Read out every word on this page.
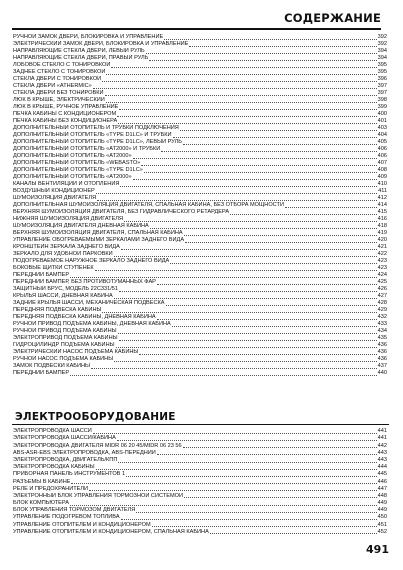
СОДЕРЖАНИЕ
РУЧНОЙ ЗАМОК ДВЕРИ, БЛОКИРОВКА И УПРАВЛЕНИЕ	392
ЭЛЕКТРИЧЕСКИЙ ЗАМОК ДВЕРИ, БЛОКИРОВКА И УПРАВЛЕНИЕ	392
НАПРАВЛЯЮЩИЕ СТЕКЛА ДВЕРИ, ЛЕВЫЙ РУЛЬ	394
НАПРАВЛЯЮЩИЕ СТЕКЛА ДВЕРИ, ПРАВЫЙ РУЛЬ	394
ЛОБОВОЕ СТЕКЛО С ТОНИРОВКОЙ	395
ЗАДНЕЕ СТЕКЛО С ТОНИРОВКОЙ	395
СТЕКЛА ДВЕРИ С ТОНИРОВКОЙ	396
СТЕКЛА ДВЕРИ «ATHERMIC»	397
СТЕКЛА ДВЕРИ БЕЗ ТОНИРОВКИ	397
ЛЮК В КРЫШЕ, ЭЛЕКТРИЧЕСКИЙ	398
ЛЮК В КРЫШЕ, РУЧНОЕ УПРАВЛЕНИЕ	399
ПЕЧКА КАБИНЫ С КОНДИЦИОНЕРОМ	400
ПЕЧКА КАБИНЫ БЕЗ КОНДИЦИОНЕРА	401
ДОПОЛНИТЕЛЬНЫЙ ОТОПИТЕЛЬ И ТРУБКИ ПОДКЛЮЧЕНИЯ	403
ДОПОЛНИТЕЛЬНЫЙ ОТОПИТЕЛЬ «TYPE D1LC» И ТРУБКИ	404
ДОПОЛНИТЕЛЬНЫЙ ОТОПИТЕЛЬ «TYPE D1LC», ЛЕВЫЙ РУЛЬ	405
ДОПОЛНИТЕЛЬНЫЙ ОТОПИТЕЛЬ «AT2000» И ТРУБКИ	406
ДОПОЛНИТЕЛЬНЫЙ ОТОПИТЕЛЬ «AT2000»	406
ДОПОЛНИТЕЛЬНЫЙ ОТОПИТЕЛЬ «WEBASTO»	407
ДОПОЛНИТЕЛЬНЫЙ ОТОПИТЕЛЬ «TYPE D1LC»	408
ДОПОЛНИТЕЛЬНЫЙ ОТОПИТЕЛЬ «AT2000»	409
КАНАЛЫ ВЕНТИЛЯЦИИ И ОТОПЛЕНИЯ	410
ВОЗДУШНЫЙ КОНДИЦИОНЕР	411
ШУМОИЗОЛЯЦИЯ ДВИГАТЕЛЯ	412
ДОПОЛНИТЕЛЬНАЯ ШУМОИЗОЛЯЦИЯ ДВИГАТЕЛЯ, СПАЛЬНАЯ КАБИНА, БЕЗ ОТБОРА МОЩНОСТИ	414
ВЕРХНЯЯ ШУМОИЗОЛЯЦИЯ ДВИГАТЕЛЯ, БЕЗ ГИДРАВЛИЧЕСКОГО РЕТАРДЕРА	415
НИЖНЯЯ ШУМОИЗОЛЯЦИЯ ДВИГАТЕЛЯ	416
ШУМОИЗОЛЯЦИЯ ДВИГАТЕЛЯ ДНЕВНАЯ КАБИНА	418
ВЕРХНЯЯ ШУМОИЗОЛЯЦИЯ ДВИГАТЕЛЯ, СПАЛЬНАЯ КАБИНА	419
УПРАВЛЕНИЕ ОБОГРЕВАЕМЫМИ ЗЕРКАЛАМИ ЗАДНЕГО ВИДА	420
КРОНШТЕЙН ЗЕРКАЛА ЗАДНЕГО ВИДА	421
ЗЕРКАЛО ДЛЯ УДОБНОЙ ПАРКОВКИ	422
ПОДОГРЕВАЕМОЕ НАРУЖНОЕ ЗЕРКАЛО ЗАДНЕГО ВИДА	423
БОКОВЫЕ ЩИТКИ СТУПЕНЕК	423
ПЕРЕДНИЙ БАМПЕР	424
ПЕРЕДНИЙ БАМПЕР, БЕЗ ПРОТИВОТУМАННЫХ ФАР	425
ЗАЩИТНЫЙ БРУС, МОДЕЛЬ 22С331/51	426
КРЫЛЬЯ ШАССИ, ДНЕВНАЯ КАБИНА	427
ЗАДНИЕ КРЫЛЬЯ ШАССИ, МЕХАНИЧЕСКАЯ ПОДВЕСКА	428
ПЕРЕДНЯЯ ПОДВЕСКА КАБИНЫ	429
ПЕРЕДНЯЯ ПОДВЕСКА КАБИНЫ, ДНЕВНАЯ КАБИНА	432
РУЧНОЙ ПРИВОД ПОДЪЕМА КАБИНЫ, ДНЕВНАЯ КАБИНА	433
РУЧНОЙ ПРИВОД ПОДЪЕМА КАБИНЫ	434
ЭЛЕКТРОПРИВОД ПОДЪЕМА КАБИНЫ	435
ГИДРОЦИЛИНДР ПОДЪЕМА КАБИНЫ	436
ЭЛЕКТРИЧЕСКИЙ НАСОС ПОДЪЕМА КАБИНЫ	436
РУЧНОЙ НАСОС ПОДЪЕМА КАБИНЫ	436
ЗАМОК ПОДВЕСКИ КАБИНЫ	437
ПЕРЕДНИЙ БАМПЕР	440
ЭЛЕКТРООБОРУДОВАНИЕ
ЭЛЕКТРОПРОВОДКА ШАССИ	441
ЭЛЕКТРОПРОВОДКА ШАССИ/КАБИНА	441
ЭЛЕКТРОПРОВОДКА ДВИГАТЕЛЯ MIDR 06 20 45/MIDR 06 23 56	442
ABS-ASR-EBS ЭЛЕКТРОПРОВОДКА, ABS-ПЕРЕДНИЙ	443
ЭЛЕКТРОПРОВОДКА, ДВИГАТЕЛЬ/КПП	443
ЭЛЕКТРОПРОВОДКА КАБИНЫ	444
ПРИБОРНАЯ ПАНЕЛЬ ИНСТРУМЕНТОВ 1	445
РАЗЪЕМЫ В КАБИНЕ	446
РЕЛЕ И ПРЕДОХРАНИТЕЛИ	447
ЭЛЕКТРОННЫЙ БЛОК УПРАВЛЕНИЯ ТОРМОЗНОЙ СИСТЕМОЙ	448
БЛОК КОМПЬЮТЕРА	449
БЛОК УПРАВЛЕНИЯ ТОРМОЗОМ ДВИГАТЕЛЯ	449
УПРАВЛЕНИЕ ПОДОГРЕВОМ ТОПЛИВА	450
УПРАВЛЕНИЕ ОТОПИТЕЛЕМ И КОНДИЦИОНЕРОМ	451
УПРАВЛЕНИЕ ОТОПИТЕЛЕМ И КОНДИЦИОНЕРОМ, СПАЛЬНАЯ КАБИНА	452
491
